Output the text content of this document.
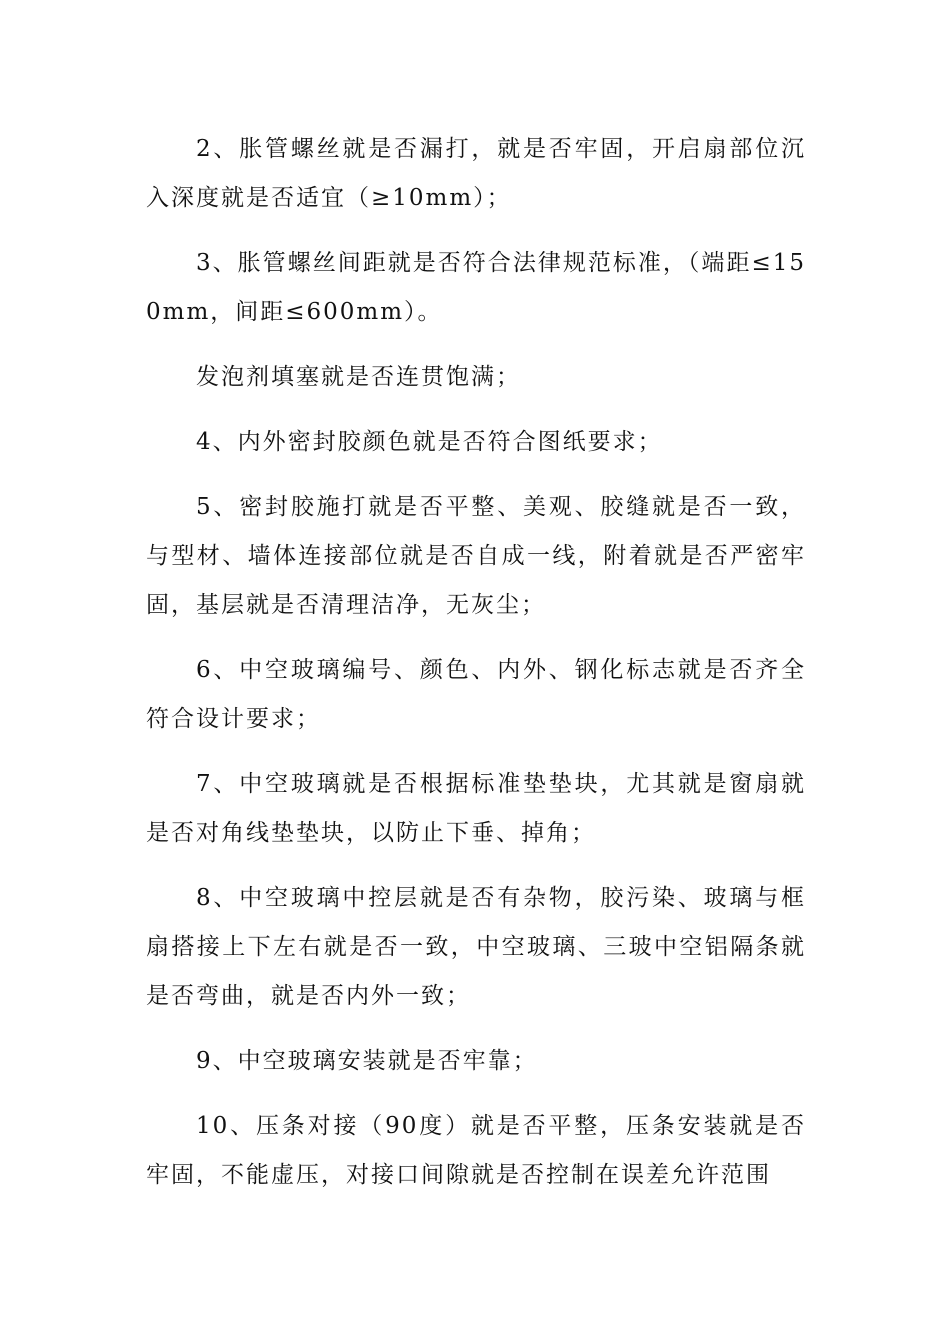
2、胀管螺丝就是否漏打，就是否牢固，开启扇部位沉入深度就是否适宜（≥10mm）；

3、胀管螺丝间距就是否符合法律规范标准，（端距≤150mm，间距≤600mm）。

发泡剂填塞就是否连贯饱满；

4、内外密封胶颜色就是否符合图纸要求；

5、密封胶施打就是否平整、美观、胶缝就是否一致，与型材、墙体连接部位就是否自成一线，附着就是否严密牢固，基层就是否清理洁净，无灰尘；

6、中空玻璃编号、颜色、内外、钢化标志就是否齐全符合设计要求；

7、中空玻璃就是否根据标准垫垫块，尤其就是窗扇就是否对角线垫垫块，以防止下垂、掉角；

8、中空玻璃中控层就是否有杂物，胶污染、玻璃与框扇搭接上下左右就是否一致，中空玻璃、三玻中空铝隔条就是否弯曲，就是否内外一致；

9、中空玻璃安装就是否牢靠；

10、压条对接（90度）就是否平整，压条安装就是否牢固，不能虚压，对接口间隙就是否控制在误差允许范围
